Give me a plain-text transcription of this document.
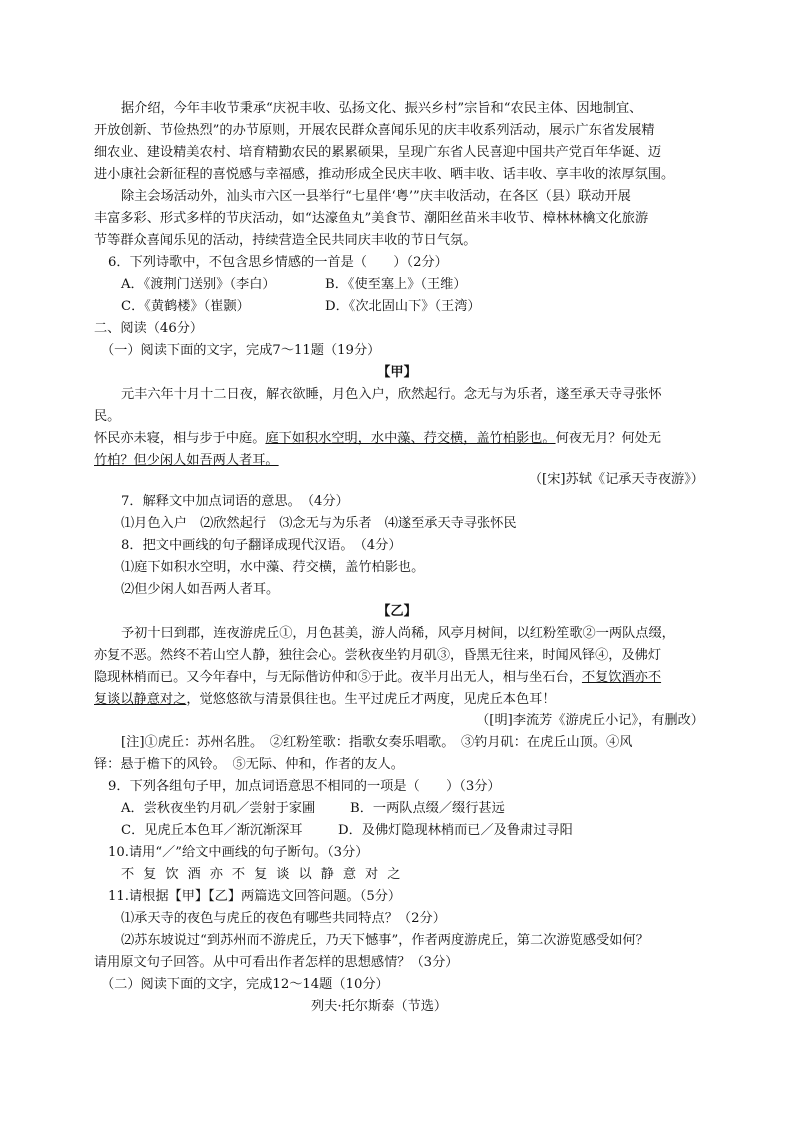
据介绍，今年丰收节秉承“庆祝丰收、弘扬文化、振兴乡村”宗旨和“农民主体、因地制宜、
开放创新、节俭热烈”的办节原则，开展农民群众喜闻乐见的庆丰收系列活动，展示广东省发展精
细农业、建设精美农村、培育精勤农民的累累硕果，呈现广东省人民喜迎中国共产党百年华诞、迈
进小康社会新征程的喜悦感与幸福感，推动形成全民庆丰收、晒丰收、话丰收、享丰收的浓厚氛围。
除主会场活动外，汕头市六区一县举行“七星伴‘粤’”庆丰收活动，在各区（县）联动开展
丰富多彩、形式多样的节庆活动，如“达濠鱼丸”美食节、潮阳丝苗米丰收节、樟林林檎文化旅游
节等群众喜闻乐见的活动，持续营造全民共同庆丰收的节日气氛。
6．下列诗歌中，不包含思乡情感的一首是（　　）（2分）
A．《渡荆门送别》（李白）	B．《使至塞上》（王维）
C．《黄鹤楼》（崔颢）	D．《次北固山下》（王湾）
二、阅读（46分）
（一）阅读下面的文字，完成7～11题（19分）
【甲】
元丰六年十月十二日夜，解衣欲睡，月色入户，欣然起行。念无与为乐者，遂至承天寺寻张怀
民。
怀民亦未寝，相与步于中庭。庭下如积水空明，水中藻、荇交横，盖竹柏影也。何夜无月？何处无
竹柏？但少闲人如吾两人者耳。
（[宋]苏轼《记承天寺夜游》）
7．解释文中加点词语的意思。　（4分）
⑴月色入户　⑵欣然起行　⑶念无与为乐者　⑷遂至承天寺寻张怀民
8．把文中画线的句子翻译成现代汉语。　（4分）
⑴庭下如积水空明，水中藻、荇交横，盖竹柏影也。
⑵但少闲人如吾两人者耳。
【乙】
予初十曰到郡，连夜游虎丘①，月色甚美，游人尚稀，风亭月树间，以红粉笙歌②一两队点缀，
亦复不恶。然终不若山空人静，独往会心。尝秋夜坐钓月矶③，昏黑无往来，时闻风铎④，及佛灯
隐现林梢而已。又今年春中，与无际偕访仲和⑤于此。夜半月出无人，相与坐石台，不复饮酒亦不
复谈以静意对之，觉悠悠欲与清景俱往也。生平过虎丘才两度，见虎丘本色耳！
（[明]李流芳《游虎丘小记》，有删改）
[注]①虎丘：苏州名胜。　②红粉笙歌：指歌女奏乐唱歌。　③钓月矶：在虎丘山顶。④风
铎：悬于檐下的风铃。　⑤无际、仲和，作者的友人。
9．下列各组句子甲，加点词语意思不相同的一项是（　　）（3分）
A．尝秋夜坐钓月矶／尝射于家圃	B．一两队点缀／缀行甚远
C．见虎丘本色耳／渐沉渐深耳	D．及佛灯隐现林梢而已／及鲁肃过寻阳
10.请用“／”给文中画线的句子断句。（3分）
不复饮酒亦不复谈以静意对之
11.请根据【甲】【乙】两篇选文回答问题。（5分）
⑴承天寺的夜色与虎丘的夜色有哪些共同特点？（2分）
⑵苏东坡说过“到苏州而不游虎丘，乃天下憾事”，作者两度游虎丘，第二次游览感受如何？
请用原文句子回答。从中可看出作者怎样的思想感情？（3分）
（二）阅读下面的文字，完成12～14题（10分）
列夫·托尔斯泰（节选）
